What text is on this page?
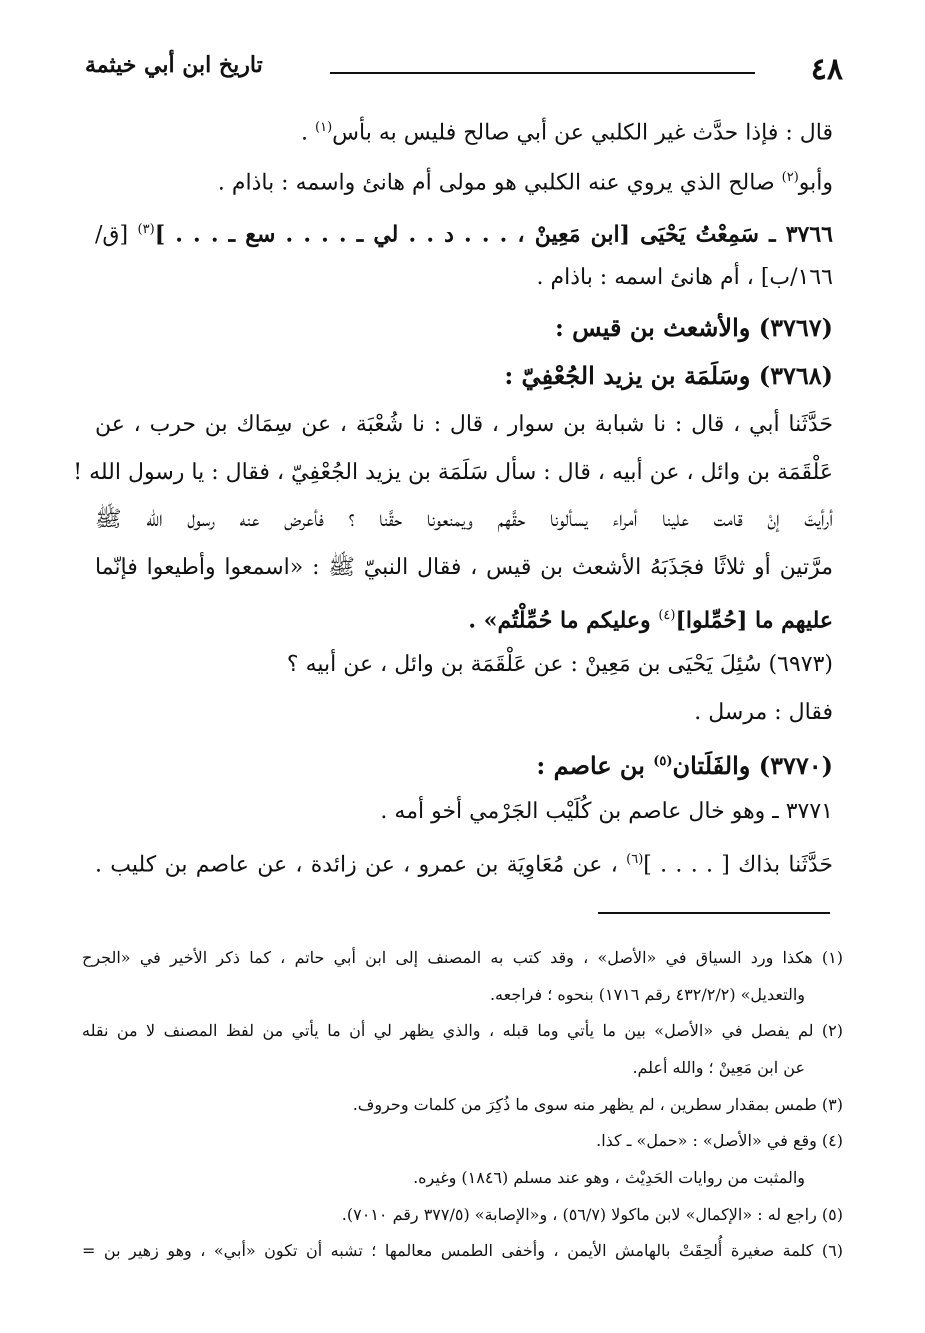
٤٨
تاريخ ابن أبي خيثمة
قال : فإذا حدَّث غير الكلبي عن أبي صالح فليس به بأس$^{(١)}$ .
وأبو$^{(٢)}$ صالح الذي يروي عنه الكلبي هو مولى أم هانئ واسمه : باذام .
٣٧٦٦ ـ سَمِعْتُ يَحْيَى [ابن مَعِينْ ، . . . د . . لي ـ . . . . سع ـ . . . ]$^{(٣)}$ [ق/
١٦٦/ب] ، أم هانئ اسمه : باذام .
(٣٧٦٧) والأشعث بن قيس :
(٣٧٦٨) وسَلَمَة بن يزيد الجُعْفِيّ :
حَدَّثَنا أبي ، قال : نا شبابة بن سوار ، قال : نا شُعْبَة ، عن سِمَاك بن حرب ، عن
عَلْقَمَة بن وائل ، عن أبيه ، قال : سأل سَلَمَة بن يزيد الجُعْفِيّ ، فقال : يا رسول الله !
أرأيتَ إنْ قامت علينا أمراء يسألونا حقَّهم ويمنعونا حقَّنا ؟ فأعرض عنه رسول الله ﷺ
مرَّتين أو ثلاثًا فجَذَبَهُ الأشعث بن قيس ، فقال النبيّ ﷺ : «اسمعوا وأطيعوا فإنّما
عليهم ما [حُمِّلوا]$^{(٤)}$ وعليكم ما حُمِّلْتُم» .
(٦٩٧٣) سُئِلَ يَحْيَى بن مَعِينْ : عن عَلْقَمَة بن وائل ، عن أبيه ؟
فقال : مرسل .
(٣٧٧٠) والفَلَتان$^{(٥)}$ بن عاصم :
٣٧٧١ ـ وهو خال عاصم بن كُلَيْب الجَرْمي أخو أمه .
حَدَّثَنا بذاك [ . . . . ]$^{(٦)}$ ، عن مُعَاوِيَة بن عمرو ، عن زائدة ، عن عاصم بن كليب .
(١) هكذا ورد السياق في «الأصل» ، وقد كتب به المصنف إلى ابن أبي حاتم ، كما ذكر الأخير في «الجرح
والتعديل» (٤٣٢/٢/٢ رقم ١٧١٦) بنحوه ؛ فراجعه.
(٢) لم يفصل في «الأصل» بين ما يأتي وما قبله ، والذي يظهر لي أن ما يأتي من لفظ المصنف لا من نقله
عن ابن مَعِينْ ؛ والله أعلم.
(٣) طمس بمقدار سطرين ، لم يظهر منه سوى ما ذُكِرَ من كلمات وحروف.
(٤) وقع في «الأصل» : «حمل» ـ كذا.
والمثبت من روايات الحَدِيْث ، وهو عند مسلم (١٨٤٦) وغيره.
(٥) راجع له : «الإكمال» لابن ماكولا (٥٦/٧) ، و«الإصابة» (٣٧٧/٥ رقم ٧٠١٠).
(٦) كلمة صغيرة أُلحِقَتْ بالهامش الأيمن ، وأخفى الطمس معالمها ؛ تشبه أن تكون «أبي» ، وهو زهير بن =
